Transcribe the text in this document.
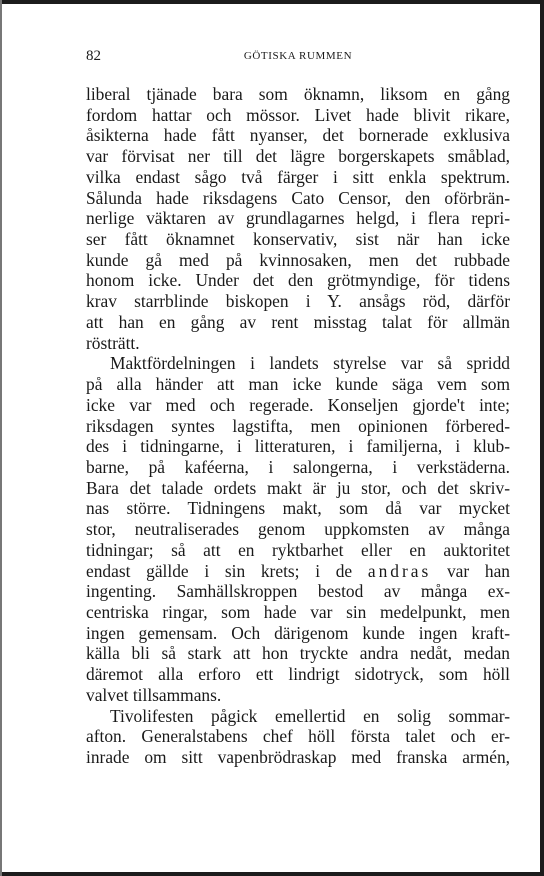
82	GÖTISKA RUMMEN
liberal tjänade bara som öknamn, liksom en gång
fordom hattar och mössor. Livet hade blivit rikare,
åsikterna hade fått nyanser, det bornerade exklusiva
var förvisat ner till det lägre borgerskapets småblad,
vilka endast sågo två färger i sitt enkla spektrum.
Sålunda hade riksdagens Cato Censor, den oförbrän-
nerlige väktaren av grundlagarnes helgd, i flera repri-
ser fått öknamnet konservativ, sist när han icke
kunde gå med på kvinnosaken, men det rubbade
honom icke. Under det den grötmyndige, för tidens
krav starrblinde biskopen i Y. ansågs röd, därför
att han en gång av rent misstag talat för allmän
rösträtt.
Maktfördelningen i landets styrelse var så spridd
på alla händer att man icke kunde säga vem som
icke var med och regerade. Konseljen gjorde't inte;
riksdagen syntes lagstifta, men opinionen förbered-
des i tidningarne, i litteraturen, i familjerna, i klub-
barne, på kaféerna, i salongerna, i verkstäderna.
Bara det talade ordets makt är ju stor, och det skriv-
nas större. Tidningens makt, som då var mycket
stor, neutraliserades genom uppkomsten av många
tidningar; så att en ryktbarhet eller en auktoritet
endast gällde i sin krets; i de andras var han
ingenting. Samhällskroppen bestod av många ex-
centriska ringar, som hade var sin medelpunkt, men
ingen gemensam. Och därigenom kunde ingen kraft-
källa bli så stark att hon tryckte andra nedåt, medan
däremot alla erforo ett lindrigt sidotryck, som höll
valvet tillsammans.
Tivolifesten pågick emellertid en solig sommar-
afton. Generalstabens chef höll första talet och er-
inrade om sitt vapenbrödraskap med franska armén,
